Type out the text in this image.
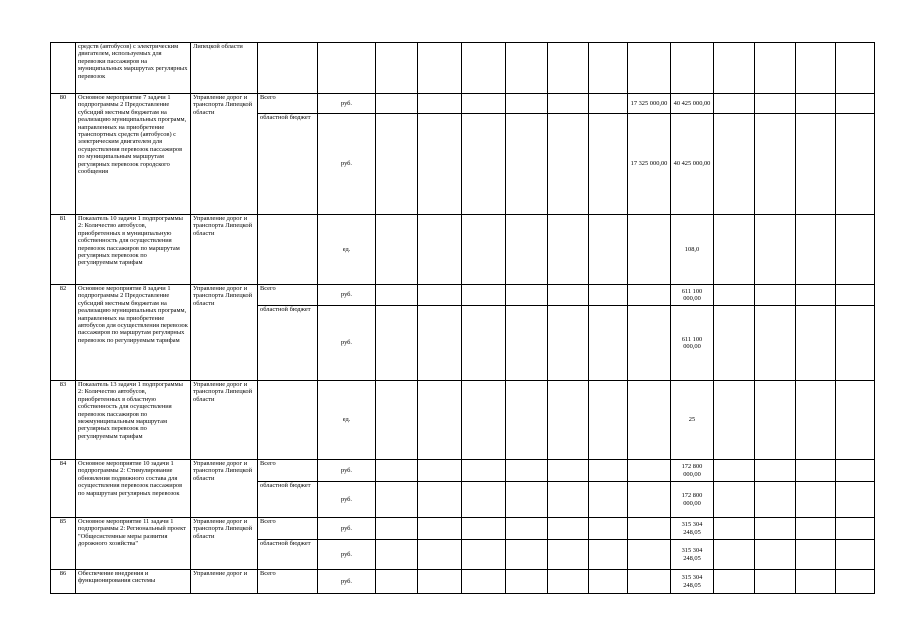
	средств (автобусов) с электрическим двигателем, используемых для перевозки пассажиров на муниципальных маршрутах регулярных перевозок	Липецкой области														
80	Основное мероприятие 7 задачи 1 подпрограммы 2 Предоставление субсидий местным бюджетам на реализацию муниципальных программ, направленных на приобретение транспортных средств (автобусов) с электрическим двигателем для осуществления перевозок пассажиров по муниципальным маршрутам регулярных перевозок городского сообщения	Управление дорог и транспорта Липецкой области	Всего	руб.							17 325 000,00	40 425 000,00				
			областной бюджет	руб.							17 325 000,00	40 425 000,00				
81	Показатель 10 задачи 1 подпрограммы 2: Количество автобусов, приобретенных в муниципальную собственность для осуществления перевозок пассажиров по маршрутам регулярных перевозок по регулируемым тарифам	Управление дорог и транспорта Липецкой области		ед.								108,0				
82	Основное мероприятие 8 задачи 1 подпрограммы 2 Предоставление субсидий местным бюджетам на реализацию муниципальных программ, направленных на приобретение автобусов для осуществления перевозок пассажиров по маршрутам регулярных перевозок по регулируемым тарифам	Управление дорог и транспорта Липецкой области	Всего	руб.								611 100 000,00				
			областной бюджет	руб.								611 100 000,00				
83	Показатель 13 задачи 1 подпрограммы 2: Количество автобусов, приобретенных в областную собственность для осуществления перевозок пассажиров по межмуниципальным маршрутам регулярных перевозок по регулируемым тарифам	Управление дорог и транспорта Липецкой области		ед.								25				
84	Основное мероприятие 10 задачи 1 подпрограммы 2: Стимулирование обновления подвижного состава для осуществления перевозок пассажиров по маршрутам регулярных перевозок	Управление дорог и транспорта Липецкой области	Всего	руб.								172 800 000,00				
			областной бюджет	руб.								172 800 000,00				
85	Основное мероприятие 11 задачи 1 подпрограммы 2: Региональный проект "Общесистемные меры развития дорожного хозяйства"	Управление дорог и транспорта Липецкой области	Всего	руб.								315 304 248,05				
			областной бюджет	руб.								315 304 248,05				
86	Обеспечение внедрения и функционирования системы	Управление дорог и	Всего	руб.								315 304 248,05				
